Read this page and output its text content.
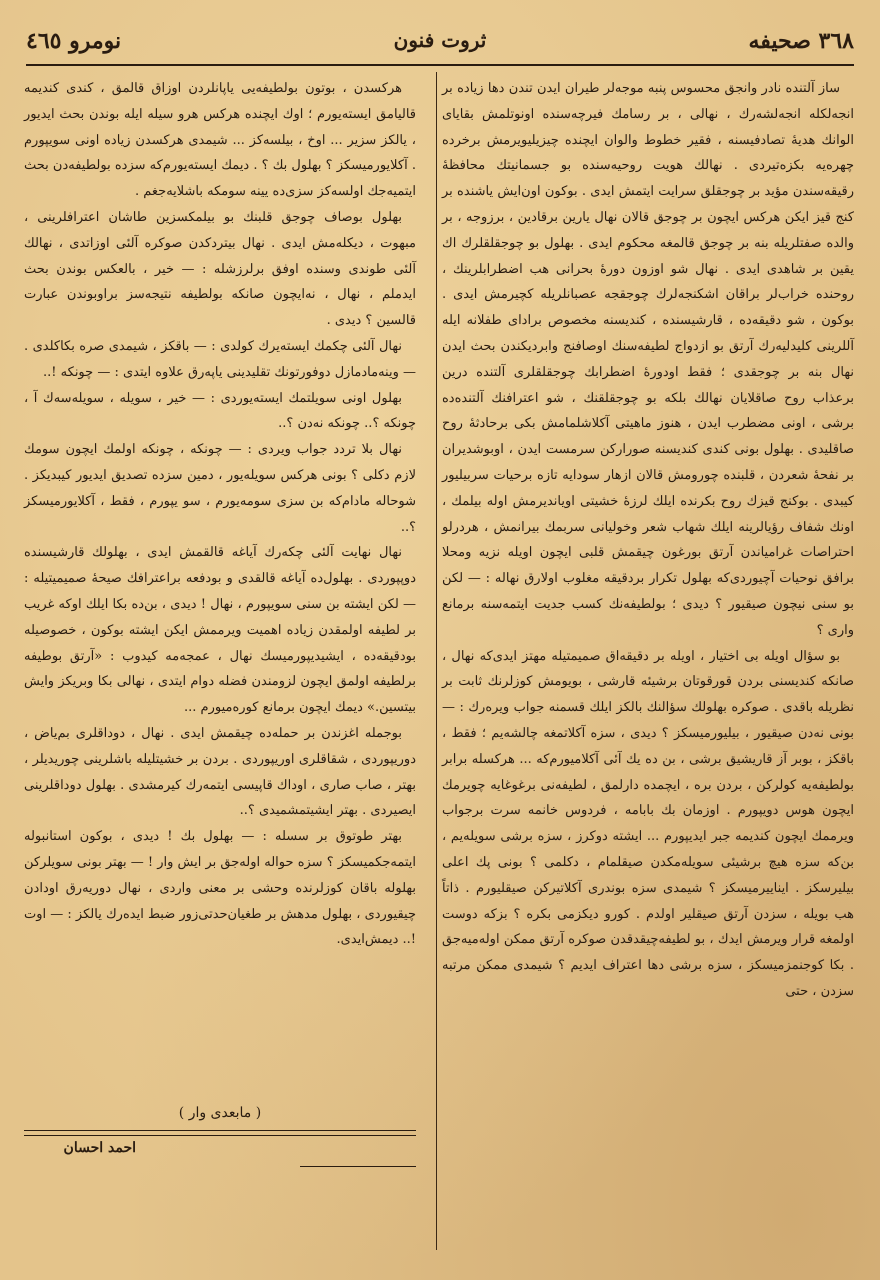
٣٦٨ صحيفه
ثروت فنون
نومرو ٤٦٥

ساز آلتنده نادر وانجق محسوس پنبه موجه‌لر طیران ایدن تندن دها زیاده بر انجه‌لکله انجه‌لشه‌رك ، نهالی ، بر رسامك فیرچه‌سنده اونوتلمش بقایای الوانك هدیهٔ تصادفیسنه ، فقیر خطوط والوان ایچنده چیزیلیویرمش برخرده چهره‌یه بکزه‌تیردی . نهالك هویت روحیه‌سنده بو جسمانیتك محافظهٔ رقیقه‌سندن مؤید بر چوجقلق سرایت ایتمش ایدی . بوکون اون‌ایش یاشنده بر کنج قیز ایکن هرکس ایچون بر چوجق قالان نهال یارین برقادین ، برزوجه ، بر والده صفتلریله بنه بر چوجق قالمغه محکوم ایدی . بهلول بو چوجقلقلرك اك یقین بر شاهدی ایدی . نهال شو اوزون دورهٔ بحرانی هب اضطرابلرینك ، روحنده خراب‌لر براقان اشکنجه‌لرك چوجقجه عصبانلریله کچیرمش ایدی . بوکون ، شو دقیقه‌ده ، قارشیسنده ، کندیسنه مخصوص برادای طفلانه ایله آللرینی کلیدلیه‌رك آرتق بو ازدواج لطیفه‌سنك اوصافنج وابردیکندن بحث ایدن نهال بنه بر چوجقدی ؛ فقط اودورهٔ اضطرابك چوجقلقلری آلتنده درین برعذاب روح صاقلایان نهالك بلکه بو چوجقلقنك ، شو اعترافنك آلتنده‌ده برشی ، اونی مضطرب ایدن ، هنوز ماهیتی آکلاشلمامش بکی برحادثهٔ روح صاقلیدی . بهلول بونی کندی کندیسنه صوراركن سرمست ایدن ، اوبوشدیران بر نفحهٔ شعردن ، قلبنده چورومش قالان ازهار سودایه تازه برحیات سربیلیور کیبدی . بوکنج قیزك روح بکرنده ایلك لرزهٔ خشیتی اویاندیرمش اوله بیلمك ، اونك شفاف رؤیالرینه ایلك شهاب شعر وخولیانی سربمك بیرانمش ، هردرلو احتراصات غرامیاندن آرتق بورغون چیقمش قلبی ایچون اویله نزیه ومحلا برافق نوحیات آچیوردی‌که بهلول تکرار بردقیقه مغلوب اولارق نهاله : — لکن بو سنی نیچون صیقیور ؟ دیدی ؛ بولطیفه‌نك کسب جدیت ایتمه‌سنه برمانع واری ؟

بو سؤال اویله بی اختیار ، اویله بر دقیقه‌اق صمیمتیله مهتز ایدی‌که نهال ، صانکه کندیسنی بردن قورقوتان برشیئه قارشی ، بویومش کوزلرنك ثابت بر نظریله باقدی . صوکره بهلولك سؤالنك بالکز ایلك قسمنه جواب ویره‌رك : — بونی نه‌دن صیقیور ، بیلیورمیسکز ؟ دیدی ، سزه آکلاتمغه چالشه‌یم ؛ فقط ، باقکز ، بوبر آز قاریشیق برشی ، بن ده یك آئی آکلامیورم‌که ... هرکسله برابر بولطیفه‌یه کولرکن ، بردن بره ، ایچمده دارلمق ، لطیفه‌نی برغوغایه چویرمك ایچون هوس دویپورم . اوزمان بك بابامه ، فردوس خانمه سرت برجواب ویرممك ایچون کندیمه جبر ایدیپورم ... ایشته دوکرز ، سزه برشی سویله‌یم ، بن‌که سزه هیچ برشیئی سویله‌مکدن صیقلمام ، دکلمی ؟ بونی پك اعلی بیلیرسکز . ایناییرمیسکز ؟ شیمدی سزه بوندری آکلاتیرکن صیقلیورم . ذاتاً هب بویله ، سزدن آرتق صیقلیر اولدم . کورو دیکزمی بکره ؟ بزکه دوست اولمغه قرار ویرمش ایدك ، بو لطیفه‌چیقدقدن صوکره آرتق ممکن اوله‌میه‌جق . بکا کوجنمزمیسکز ، سزه برشی دها اعتراف ایدیم ؟ شیمدی ممکن مرتبه سزدن ، حتی

هرکسدن ، بوتون بولطیفه‌یی یاپانلردن اوزاق قالمق ، کندی کندیمه قالیامق ایسته‌یورم ؛ اوك ایچنده هرکس هرو سیله ایله بوندن بحث ایدیور ، یالکز سزیر ... اوخ ، بیلسه‌کز ... شیمدی هرکسدن زیاده اونی سویپورم . آکلایورمیسکز ؟ بهلول بك ؟ . دیمك ایسته‌یورم‌که سزده بولطیفه‌دن بحث ایتمیه‌جك اولسه‌کز سزی‌ده یینه سومکه باشلایه‌جغم .

بهلول بوصاف چوجق قلبنك بو بیلمکسزین طاشان اعترافلرینی ، مبهوت ، دیکله‌مش ایدی . نهال بیتردکدن صوکره آلئی اوزاتدی ، نهالك آلئی طوندی وسنده اوفق برلرزشله : — خیر ، بالعکس بوندن بحث ایدملم ، نهال ، نه‌ایچون صانکه بولطیفه نتیجه‌سز براوبوندن عبارت قالسین ؟ دیدی .

نهال آلئی چکمك ایسته‌یرك کولدی : — باقکز ، شیمدی صره بکاکلدی . — وینه‌مادمازل دوفورتونك تقلیدینی یاپه‌رق علاوه ایتدی : — چونکه !..

بهلول اونی سویلتمك ایسته‌یوردی : — خیر ، سویله ، سویله‌سه‌ك آ ، چونکه ؟.. چونکه نه‌دن ؟..

نهال بلا تردد جواب ویردی : — چونکه ، چونکه اولمك ایچون سومك لازم دکلی ؟ بونی هرکس سویله‌یور ، دمین سزده تصدیق ایدیور کیبدیکز . شوحاله مادام‌که بن سزی سومه‌یورم ، سو یپورم ، فقط ، آکلایورمیسکز ؟..

نهال نهایت آلئی چکه‌رك آیاغه قالقمش ایدی ، بهلولك قارشیسنده دوپپوردی . بهلول‌ده آیاغه قالقدی و بودفعه براعترافك صیحهٔ صمیمیتیله : — لکن ایشته بن سنی سویپورم ، نهال ! دیدی ، بن‌ده بکا ایلك اوکه غریب بر لطیفه اولمقدن زیاده اهمیت ویرممش ایکن ایشته بوکون ، خصوصیله بودقیقه‌ده ، ایشیدیپورمیسك نهال ، عمجه‌مه کیدوب : «آرتق بوطیفه برلطیفه اولمق ایچون لزومندن فضله دوام ایتدی ، نهالی بکا وبریکز وایش بیتسین.» دیمك ایچون برمانع کوره‌میورم ...

بوجمله اغزندن بر حمله‌ده چیقمش ایدی . نهال ، دوداقلری بم‌یاض ، دوریپوردی ، شقاقلری اوریپوردی . بردن بر خشیتلیله باشلرینی چوریدیلر ، بهتر ، صاب صاری ، اوداك قاپیسی ایتمه‌رك کیرمشدی . بهلول دوداقلرینی ایصیردی . بهتر ایشیتمشمیدی ؟..

بهتر طوتوق بر سسله : — بهلول بك ! دیدی ، بوکون استانبوله ایتمه‌جکمیسکز ؟ سزه حواله اوله‌جق بر ایش وار ! — بهتر بونی سویلرکن بهلوله باقان کوزلرنده وحشی بر معنی واردی ، نهال دوریه‌رق اودادن چیقیوردی ، بهلول مدهش بر طغیان‌حدتی‌زور ضبط ایده‌رك یالکز : — اوت !.. دیمش‌ایدی.

( مابعدی وار )
احمد احسان
